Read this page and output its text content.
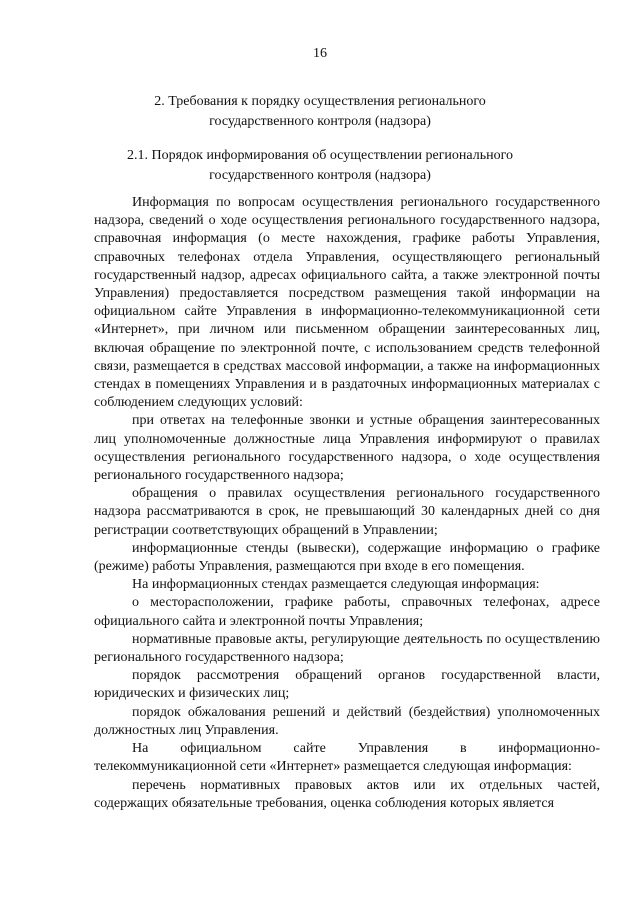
16
2. Требования к порядку осуществления регионального государственного контроля (надзора)
2.1. Порядок информирования об осуществлении регионального государственного контроля (надзора)

Информация по вопросам осуществления регионального государственного надзора, сведений о ходе осуществления регионального государственного надзора, справочная информация (о месте нахождения, графике работы Управления, справочных телефонах отдела Управления, осуществляющего региональный государственный надзор, адресах официального сайта, а также электронной почты Управления) предоставляется посредством размещения такой информации на официальном сайте Управления в информационно-телекоммуникационной сети «Интернет», при личном или письменном обращении заинтересованных лиц, включая обращение по электронной почте, с использованием средств телефонной связи, размещается в средствах массовой информации, а также на информационных стендах в помещениях Управления и в раздаточных информационных материалах с соблюдением следующих условий:

при ответах на телефонные звонки и устные обращения заинтересованных лиц уполномоченные должностные лица Управления информируют о правилах осуществления регионального государственного надзора, о ходе осуществления регионального государственного надзора;

обращения о правилах осуществления регионального государственного надзора рассматриваются в срок, не превышающий 30 календарных дней со дня регистрации соответствующих обращений в Управлении;

информационные стенды (вывески), содержащие информацию о графике (режиме) работы Управления, размещаются при входе в его помещения.

На информационных стендах размещается следующая информация:

о месторасположении, графике работы, справочных телефонах, адресе официального сайта и электронной почты Управления;

нормативные правовые акты, регулирующие деятельность по осуществлению регионального государственного надзора;

порядок рассмотрения обращений органов государственной власти, юридических и физических лиц;

порядок обжалования решений и действий (бездействия) уполномоченных должностных лиц Управления.

На официальном сайте Управления в информационно-телекоммуникационной сети «Интернет» размещается следующая информация:

перечень нормативных правовых актов или их отдельных частей, содержащих обязательные требования, оценка соблюдения которых является
